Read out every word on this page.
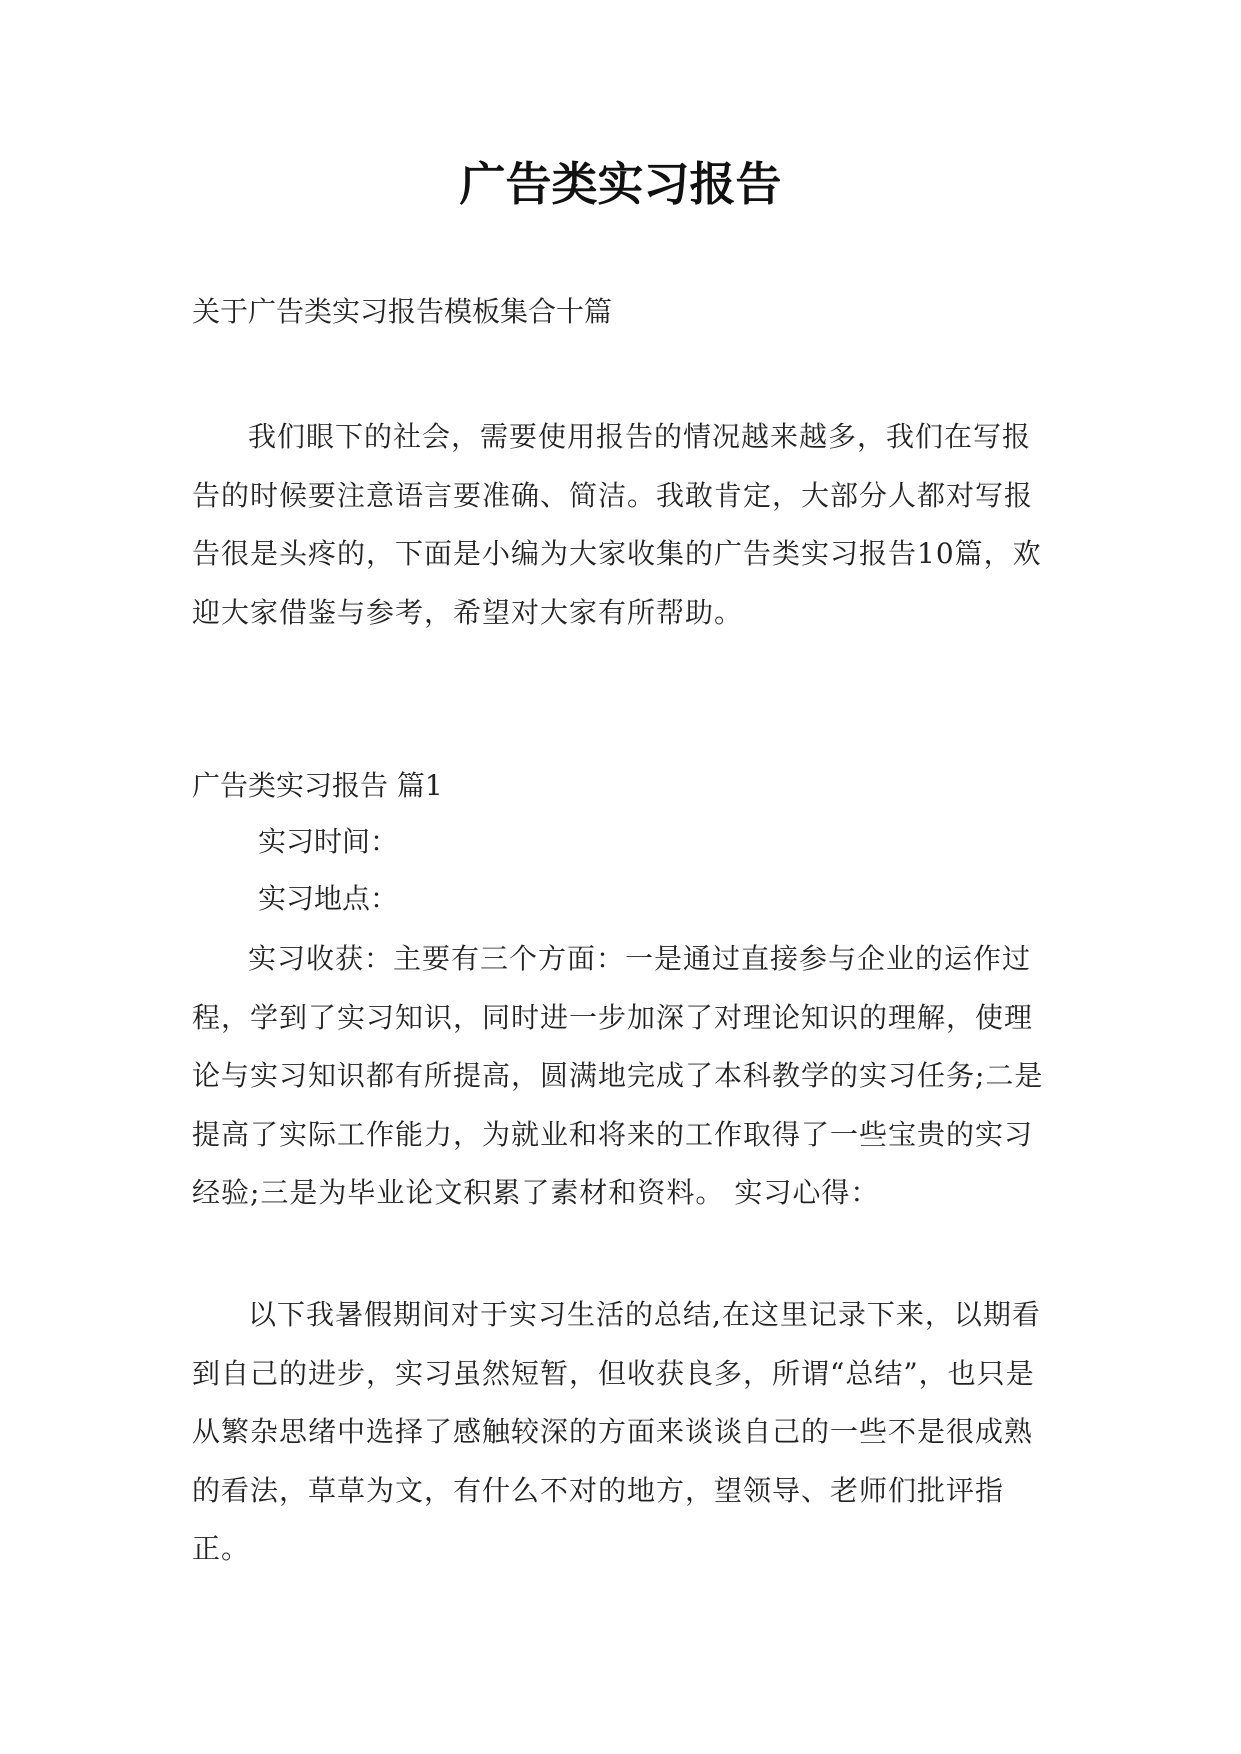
广告类实习报告

关于广告类实习报告模板集合十篇

我们眼下的社会，需要使用报告的情况越来越多，我们在写报告的时候要注意语言要准确、简洁。我敢肯定，大部分人都对写报告很是头疼的，下面是小编为大家收集的广告类实习报告10篇，欢迎大家借鉴与参考，希望对大家有所帮助。

广告类实习报告 篇1

实习时间：

实习地点：

实习收获：主要有三个方面：一是通过直接参与企业的运作过程，学到了实习知识，同时进一步加深了对理论知识的理解，使理论与实习知识都有所提高，圆满地完成了本科教学的实习任务;二是提高了实际工作能力，为就业和将来的工作取得了一些宝贵的实习经验;三是为毕业论文积累了素材和资料。 实习心得：

以下我暑假期间对于实习生活的总结,在这里记录下来，以期看到自己的进步，实习虽然短暂，但收获良多，所谓“总结”，也只是从繁杂思绪中选择了感触较深的方面来谈谈自己的一些不是很成熟的看法，草草为文，有什么不对的地方，望领导、老师们批评指正。
